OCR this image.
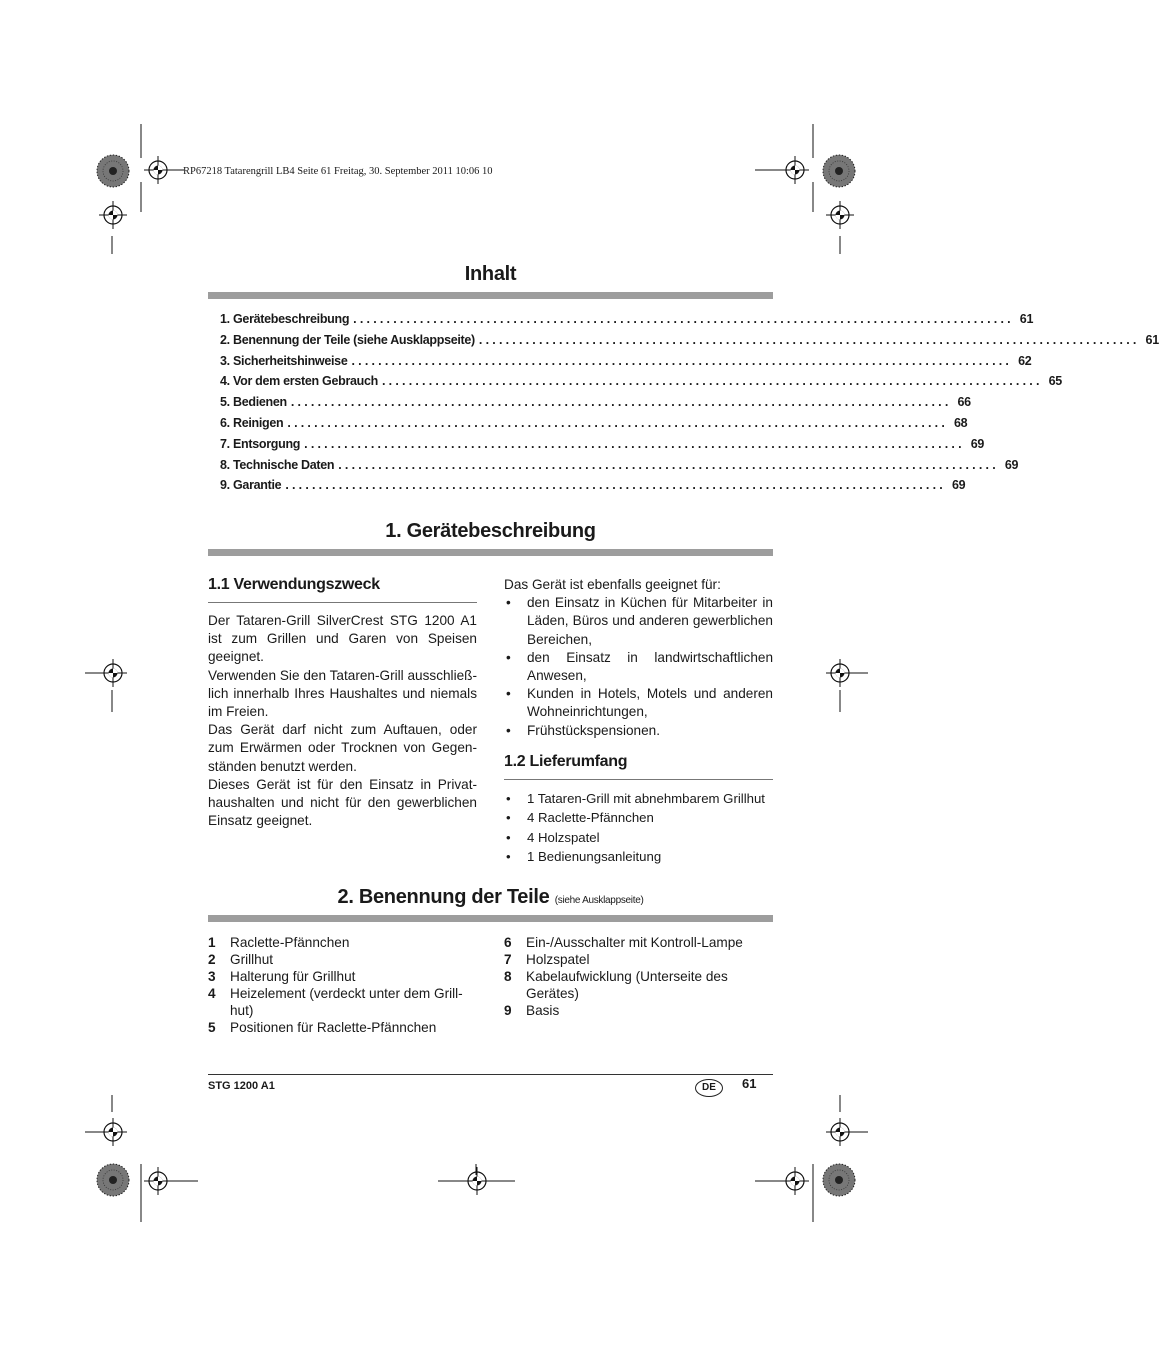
RP67218 Tatarengrill LB4 Seite 61 Freitag, 30. September 2011 10:06 10
Inhalt
1. Gerätebeschreibung ................................................................................................... 61
2. Benennung der Teile (siehe Ausklappseite) ................................................................................................... 61
3. Sicherheitshinweise ................................................................................................... 62
4. Vor dem ersten Gebrauch ................................................................................................... 65
5. Bedienen ................................................................................................... 66
6. Reinigen ................................................................................................... 68
7. Entsorgung ................................................................................................... 69
8. Technische Daten ................................................................................................... 69
9. Garantie ................................................................................................... 69
1. Gerätebeschreibung
1.1 Verwendungszweck
Der Tataren-Grill SilverCrest STG 1200 A1 ist zum Grillen und Garen von Speisen geeignet.
Verwenden Sie den Tataren-Grill ausschließ-lich innerhalb Ihres Haushaltes und niemals im Freien.
Das Gerät darf nicht zum Auftauen, oder zum Erwärmen oder Trocknen von Gegen-ständen benutzt werden.
Dieses Gerät ist für den Einsatz in Privat-haushalten und nicht für den gewerblichen Einsatz geeignet.
Das Gerät ist ebenfalls geeignet für:
• den Einsatz in Küchen für Mitarbeiter in Läden, Büros und anderen gewerblichen Bereichen,
• den Einsatz in landwirtschaftlichen Anwesen,
• Kunden in Hotels, Motels und anderen Wohneinrichtungen,
• Frühstückspensionen.
1.2 Lieferumfang
• 1 Tataren-Grill mit abnehmbarem Grillhut
• 4 Raclette-Pfännchen
• 4 Holzspatel
• 1 Bedienungsanleitung
2. Benennung der Teile (siehe Ausklappseite)
1	Raclette-Pfännchen
2	Grillhut
3	Halterung für Grillhut
4	Heizelement (verdeckt unter dem Grill-hut)
5	Positionen für Raclette-Pfännchen
6	Ein-/Ausschalter mit Kontroll-Lampe
7	Holzspatel
8	Kabelaufwicklung (Unterseite des Gerätes)
9	Basis
STG 1200 A1	DE	61
